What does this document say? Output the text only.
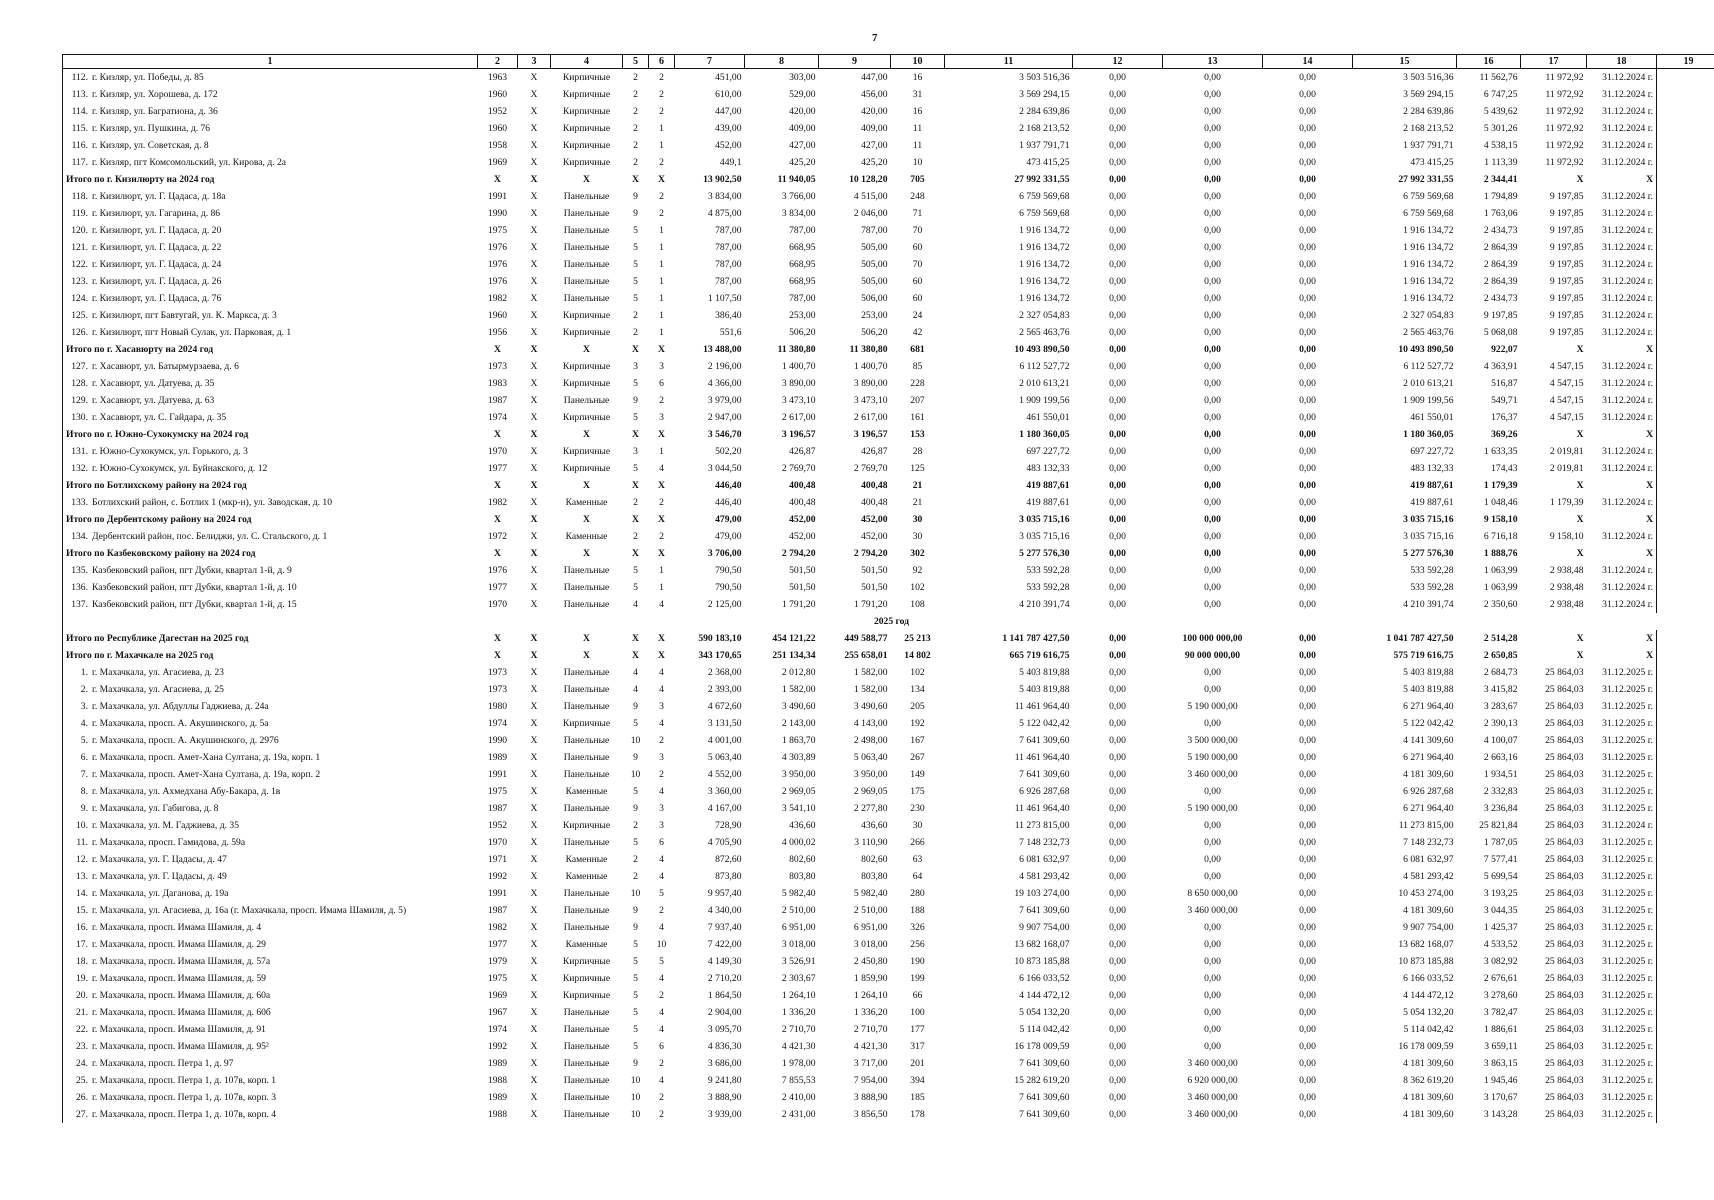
7
1	2	3	4	5	6	7	8	9	10	11	12	13	14	15	16	17	18	19
112. г. Кизляр, ул. Победы, д. 85	1963	Х	Кирпичные	2	2	451,00	303,00	447,00	16	3 503 516,36	0,00	0,00	0,00	3 503 516,36	11 562,76	11 972,92	31.12.2024 г.	
113. г. Кизляр, ул. Хорошева, д. 172	1960	Х	Кирпичные	2	2	610,00	529,00	456,00	31	3 569 294,15	0,00	0,00	0,00	3 569 294,15	6 747,25	11 972,92	31.12.2024 г.	
114. г. Кизляр, ул. Багратиона, д. 36	1952	Х	Кирпичные	2	2	447,00	420,00	420,00	16	2 284 639,86	0,00	0,00	0,00	2 284 639,86	5 439,62	11 972,92	31.12.2024 г.	
115. г. Кизляр, ул. Пушкина, д. 76	1960	Х	Кирпичные	2	1	439,00	409,00	409,00	11	2 168 213,52	0,00	0,00	0,00	2 168 213,52	5 301,26	11 972,92	31.12.2024 г.	
116. г. Кизляр, ул. Советская, д. 8	1958	Х	Кирпичные	2	1	452,00	427,00	427,00	11	1 937 791,71	0,00	0,00	0,00	1 937 791,71	4 538,15	11 972,92	31.12.2024 г.	
117. г. Кизляр, пгт Комсомольский, ул. Кирова, д. 2а	1969	Х	Кирпичные	2	2	449,1	425,20	425,20	10	473 415,25	0,00	0,00	0,00	473 415,25	1 113,39	11 972,92	31.12.2024 г.	
Итого по г. Кизилюрту на 2024 год	Х	Х	Х	Х	Х	13 902,50	11 940,05	10 128,20	705	27 992 331,55	0,00	0,00	0,00	27 992 331,55	2 344,41	Х	Х	
118. г. Кизилюрт, ул. Г. Цадаса, д. 18а	1991	Х	Панельные	9	2	3 834,00	3 766,00	4 515,00	248	6 759 569,68	0,00	0,00	0,00	6 759 569,68	1 794,89	9 197,85	31.12.2024 г.	
119. г. Кизилюрт, ул. Гагарина, д. 86	1990	Х	Панельные	9	2	4 875,00	3 834,00	2 046,00	71	6 759 569,68	0,00	0,00	0,00	6 759 569,68	1 763,06	9 197,85	31.12.2024 г.	
120. г. Кизилюрт, ул. Г. Цадаса, д. 20	1975	Х	Панельные	5	1	787,00	787,00	787,00	70	1 916 134,72	0,00	0,00	0,00	1 916 134,72	2 434,73	9 197,85	31.12.2024 г.	
121. г. Кизилюрт, ул. Г. Цадаса, д. 22	1976	Х	Панельные	5	1	787,00	668,95	505,00	60	1 916 134,72	0,00	0,00	0,00	1 916 134,72	2 864,39	9 197,85	31.12.2024 г.	
122. г. Кизилюрт, ул. Г. Цадаса, д. 24	1976	Х	Панельные	5	1	787,00	668,95	505,00	70	1 916 134,72	0,00	0,00	0,00	1 916 134,72	2 864,39	9 197,85	31.12.2024 г.	
123. г. Кизилюрт, ул. Г. Цадаса, д. 26	1976	Х	Панельные	5	1	787,00	668,95	505,00	60	1 916 134,72	0,00	0,00	0,00	1 916 134,72	2 864,39	9 197,85	31.12.2024 г.	
124. г. Кизилюрт, ул. Г. Цадаса, д. 76	1982	Х	Панельные	5	1	1 107,50	787,00	506,00	60	1 916 134,72	0,00	0,00	0,00	1 916 134,72	2 434,73	9 197,85	31.12.2024 г.	
125. г. Кизилюрт, пгт Бавтугай, ул. К. Маркса, д. 3	1960	Х	Кирпичные	2	1	386,40	253,00	253,00	24	2 327 054,83	0,00	0,00	0,00	2 327 054,83	9 197,85	9 197,85	31.12.2024 г.	
126. г. Кизилюрт, пгт Новый Сулак, ул. Парковая, д. 1	1956	Х	Кирпичные	2	1	551,6	506,20	506,20	42	2 565 463,76	0,00	0,00	0,00	2 565 463,76	5 068,08	9 197,85	31.12.2024 г.	
Итого по г. Хасавюрту на 2024 год	Х	Х	Х	Х	Х	13 488,00	11 380,80	11 380,80	681	10 493 890,50	0,00	0,00	0,00	10 493 890,50	922,07	Х	Х	
127. г. Хасавюрт, ул. Батырмурзаева, д. 6	1973	Х	Кирпичные	3	3	2 196,00	1 400,70	1 400,70	85	6 112 527,72	0,00	0,00	0,00	6 112 527,72	4 363,91	4 547,15	31.12.2024 г.	
128. г. Хасавюрт, ул. Датуева, д. 35	1983	Х	Кирпичные	5	6	4 366,00	3 890,00	3 890,00	228	2 010 613,21	0,00	0,00	0,00	2 010 613,21	516,87	4 547,15	31.12.2024 г.	
129. г. Хасавюрт, ул. Датуева, д. 63	1987	Х	Панельные	9	2	3 979,00	3 473,10	3 473,10	207	1 909 199,56	0,00	0,00	0,00	1 909 199,56	549,71	4 547,15	31.12.2024 г.	
130. г. Хасавюрт, ул. С. Гайдара, д. 35	1974	Х	Кирпичные	5	3	2 947,00	2 617,00	2 617,00	161	461 550,01	0,00	0,00	0,00	461 550,01	176,37	4 547,15	31.12.2024 г.	
Итого по г. Южно-Сухокумску на 2024 год	Х	Х	Х	Х	Х	3 546,70	3 196,57	3 196,57	153	1 180 360,05	0,00	0,00	0,00	1 180 360,05	369,26	Х	Х	
131. г. Южно-Сухокумск, ул. Горького, д. 3	1970	Х	Кирпичные	3	1	502,20	426,87	426,87	28	697 227,72	0,00	0,00	0,00	697 227,72	1 633,35	2 019,81	31.12.2024 г.	
132. г. Южно-Сухокумск, ул. Буйнакского, д. 12	1977	Х	Кирпичные	5	4	3 044,50	2 769,70	2 769,70	125	483 132,33	0,00	0,00	0,00	483 132,33	174,43	2 019,81	31.12.2024 г.	
Итого по Ботлихскому району на 2024 год	Х	Х	Х	Х	Х	446,40	400,48	400,48	21	419 887,61	0,00	0,00	0,00	419 887,61	1 179,39	Х	Х	
133. Ботлихский район, с. Ботлих 1 (мкр-н), ул. Заводская, д. 10	1982	Х	Каменные	2	2	446,40	400,48	400,48	21	419 887,61	0,00	0,00	0,00	419 887,61	1 048,46	1 179,39	31.12.2024 г.	
Итого по Дербентскому району на 2024 год	Х	Х	Х	Х	Х	479,00	452,00	452,00	30	3 035 715,16	0,00	0,00	0,00	3 035 715,16	9 158,10	Х	Х	
134. Дербентский район, пос. Белиджи, ул. С. Стальского, д. 1	1972	Х	Каменные	2	2	479,00	452,00	452,00	30	3 035 715,16	0,00	0,00	0,00	3 035 715,16	6 716,18	9 158,10	31.12.2024 г.	
Итого по Казбековскому району на 2024 год	Х	Х	Х	Х	Х	3 706,00	2 794,20	2 794,20	302	5 277 576,30	0,00	0,00	0,00	5 277 576,30	1 888,76	Х	Х	
135. Казбековский район, пгт Дубки, квартал 1-й, д. 9	1976	Х	Панельные	5	1	790,50	501,50	501,50	92	533 592,28	0,00	0,00	0,00	533 592,28	1 063,99	2 938,48	31.12.2024 г.	
136. Казбековский район, пгт Дубки, квартал 1-й, д. 10	1977	Х	Панельные	5	1	790,50	501,50	501,50	102	533 592,28	0,00	0,00	0,00	533 592,28	1 063,99	2 938,48	31.12.2024 г.	
137. Казбековский район, пгт Дубки, квартал 1-й, д. 15	1970	Х	Панельные	4	4	2 125,00	1 791,20	1 791,20	108	4 210 391,74	0,00	0,00	0,00	4 210 391,74	2 350,60	2 938,48	31.12.2024 г.	
2025 год																		
Итого по Республике Дагестан на 2025 год	Х	Х	Х	Х	Х	590 183,10	454 121,22	449 588,77	25 213	1 141 787 427,50	0,00	100 000 000,00	0,00	1 041 787 427,50	2 514,28	Х	Х	
Итого по г. Махачкале на 2025 год	Х	Х	Х	Х	Х	343 170,65	251 134,34	255 658,01	14 802	665 719 616,75	0,00	90 000 000,00	0,00	575 719 616,75	2 650,85	Х	Х	
1. г. Махачкала, ул. Агасиева, д. 23	1973	Х	Панельные	4	4	2 368,00	2 012,80	1 582,00	102	5 403 819,88	0,00	0,00	0,00	5 403 819,88	2 684,73	25 864,03	31.12.2025 г.	
2. г. Махачкала, ул. Агасиева, д. 25	1973	Х	Панельные	4	4	2 393,00	1 582,00	1 582,00	134	5 403 819,88	0,00	0,00	0,00	5 403 819,88	3 415,82	25 864,03	31.12.2025 г.	
3. г. Махачкала, ул. Абдуллы Гаджиева, д. 24а	1980	Х	Панельные	9	3	4 672,60	3 490,60	3 490,60	205	11 461 964,40	0,00	5 190 000,00	0,00	6 271 964,40	3 283,67	25 864,03	31.12.2025 г.	
4. г. Махачкала, просп. А. Акушинского, д. 5а	1974	Х	Кирпичные	5	4	3 131,50	2 143,00	4 143,00	192	5 122 042,42	0,00	0,00	0,00	5 122 042,42	2 390,13	25 864,03	31.12.2025 г.	
5. г. Махачкала, просп. А. Акушинского, д. 2976	1990	Х	Панельные	10	2	4 001,00	1 863,70	2 498,00	167	7 641 309,60	0,00	3 500 000,00	0,00	4 141 309,60	4 100,07	25 864,03	31.12.2025 г.	
6. г. Махачкала, просп. Амет-Хана Султана, д. 19а, корп. 1	1989	Х	Панельные	9	3	5 063,40	4 303,89	5 063,40	267	11 461 964,40	0,00	5 190 000,00	0,00	6 271 964,40	2 663,16	25 864,03	31.12.2025 г.	
7. г. Махачкала, просп. Амет-Хана Султана, д. 19а, корп. 2	1991	Х	Панельные	10	2	4 552,00	3 950,00	3 950,00	149	7 641 309,60	0,00	3 460 000,00	0,00	4 181 309,60	1 934,51	25 864,03	31.12.2025 г.	
8. г. Махачкала, ул. Ахмедхана Абу-Бакара, д. 1в	1975	Х	Каменные	5	4	3 360,00	2 969,05	2 969,05	175	6 926 287,68	0,00	0,00	0,00	6 926 287,68	2 332,83	25 864,03	31.12.2025 г.	
9. г. Махачкала, ул. Габигова, д. 8	1987	Х	Панельные	9	3	4 167,00	3 541,10	2 277,80	230	11 461 964,40	0,00	5 190 000,00	0,00	6 271 964,40	3 236,84	25 864,03	31.12.2025 г.	
10. г. Махачкала, ул. М. Гаджиева, д. 35	1952	Х	Кирпичные	2	3	728,90	436,60	436,60	30	11 273 815,00	0,00	0,00	0,00	11 273 815,00	25 821,84	25 864,03	31.12.2024 г.	
11. г. Махачкала, просп. Гамидова, д. 59а	1970	Х	Панельные	5	6	4 705,90	4 000,02	3 110,90	266	7 148 232,73	0,00	0,00	0,00	7 148 232,73	1 787,05	25 864,03	31.12.2025 г.	
12. г. Махачкала, ул. Г. Цадасы, д. 47	1971	Х	Каменные	2	4	872,60	802,60	802,60	63	6 081 632,97	0,00	0,00	0,00	6 081 632,97	7 577,41	25 864,03	31.12.2025 г.	
13. г. Махачкала, ул. Г. Цадасы, д. 49	1992	Х	Каменные	2	4	873,80	803,80	803,80	64	4 581 293,42	0,00	0,00	0,00	4 581 293,42	5 699,54	25 864,03	31.12.2025 г.	
14. г. Махачкала, ул. Даганова, д. 19а	1991	Х	Панельные	10	5	9 957,40	5 982,40	5 982,40	280	19 103 274,00	0,00	8 650 000,00	0,00	10 453 274,00	3 193,25	25 864,03	31.12.2025 г.	
15. г. Махачкала, ул. Агасиева, д. 16а (г. Махачкала, просп. Имама Шамиля, д. 5)	1987	Х	Панельные	9	2	4 340,00	2 510,00	2 510,00	188	7 641 309,60	0,00	3 460 000,00	0,00	4 181 309,60	3 044,35	25 864,03	31.12.2025 г.	
16. г. Махачкала, просп. Имама Шамиля, д. 4	1982	Х	Панельные	9	4	7 937,40	6 951,00	6 951,00	326	9 907 754,00	0,00	0,00	0,00	9 907 754,00	1 425,37	25 864,03	31.12.2025 г.	
17. г. Махачкала, просп. Имама Шамиля, д. 29	1977	Х	Каменные	5	10	7 422,00	3 018,00	3 018,00	256	13 682 168,07	0,00	0,00	0,00	13 682 168,07	4 533,52	25 864,03	31.12.2025 г.	
18. г. Махачкала, просп. Имама Шамиля, д. 57а	1979	Х	Кирпичные	5	5	4 149,30	3 526,91	2 450,80	190	10 873 185,88	0,00	0,00	0,00	10 873 185,88	3 082,92	25 864,03	31.12.2025 г.	
19. г. Махачкала, просп. Имама Шамиля, д. 59	1975	Х	Кирпичные	5	4	2 710,20	2 303,67	1 859,90	199	6 166 033,52	0,00	0,00	0,00	6 166 033,52	2 676,61	25 864,03	31.12.2025 г.	
20. г. Махачкала, просп. Имама Шамиля, д. 60а	1969	Х	Кирпичные	5	2	1 864,50	1 264,10	1 264,10	66	4 144 472,12	0,00	0,00	0,00	4 144 472,12	3 278,60	25 864,03	31.12.2025 г.	
21. г. Махачкала, просп. Имама Шамиля, д. 60б	1967	Х	Панельные	5	4	2 904,00	1 336,20	1 336,20	100	5 054 132,20	0,00	0,00	0,00	5 054 132,20	3 782,47	25 864,03	31.12.2025 г.	
22. г. Махачкала, просп. Имама Шамиля, д. 91	1974	Х	Панельные	5	4	3 095,70	2 710,70	2 710,70	177	5 114 042,42	0,00	0,00	0,00	5 114 042,42	1 886,61	25 864,03	31.12.2025 г.	
23. г. Махачкала, просп. Имама Шамиля, д. 95²	1992	Х	Панельные	5	6	4 836,30	4 421,30	4 421,30	317	16 178 009,59	0,00	0,00	0,00	16 178 009,59	3 659,11	25 864,03	31.12.2025 г.	
24. г. Махачкала, просп. Петра 1, д. 97	1989	Х	Панельные	9	2	3 686,00	1 978,00	3 717,00	201	7 641 309,60	0,00	3 460 000,00	0,00	4 181 309,60	3 863,15	25 864,03	31.12.2025 г.	
25. г. Махачкала, просп. Петра 1, д. 107в, корп. 1	1988	Х	Панельные	10	4	9 241,80	7 855,53	7 954,00	394	15 282 619,20	0,00	6 920 000,00	0,00	8 362 619,20	1 945,46	25 864,03	31.12.2025 г.	
26. г. Махачкала, просп. Петра 1, д. 107в, корп. 3	1989	Х	Панельные	10	2	3 888,90	2 410,00	3 888,90	185	7 641 309,60	0,00	3 460 000,00	0,00	4 181 309,60	3 170,67	25 864,03	31.12.2025 г.	
27. г. Махачкала, просп. Петра 1, д. 107в, корп. 4	1988	Х	Панельные	10	2	3 939,00	2 431,00	3 856,50	178	7 641 309,60	0,00	3 460 000,00	0,00	4 181 309,60	3 143,28	25 864,03	31.12.2025 г.	
